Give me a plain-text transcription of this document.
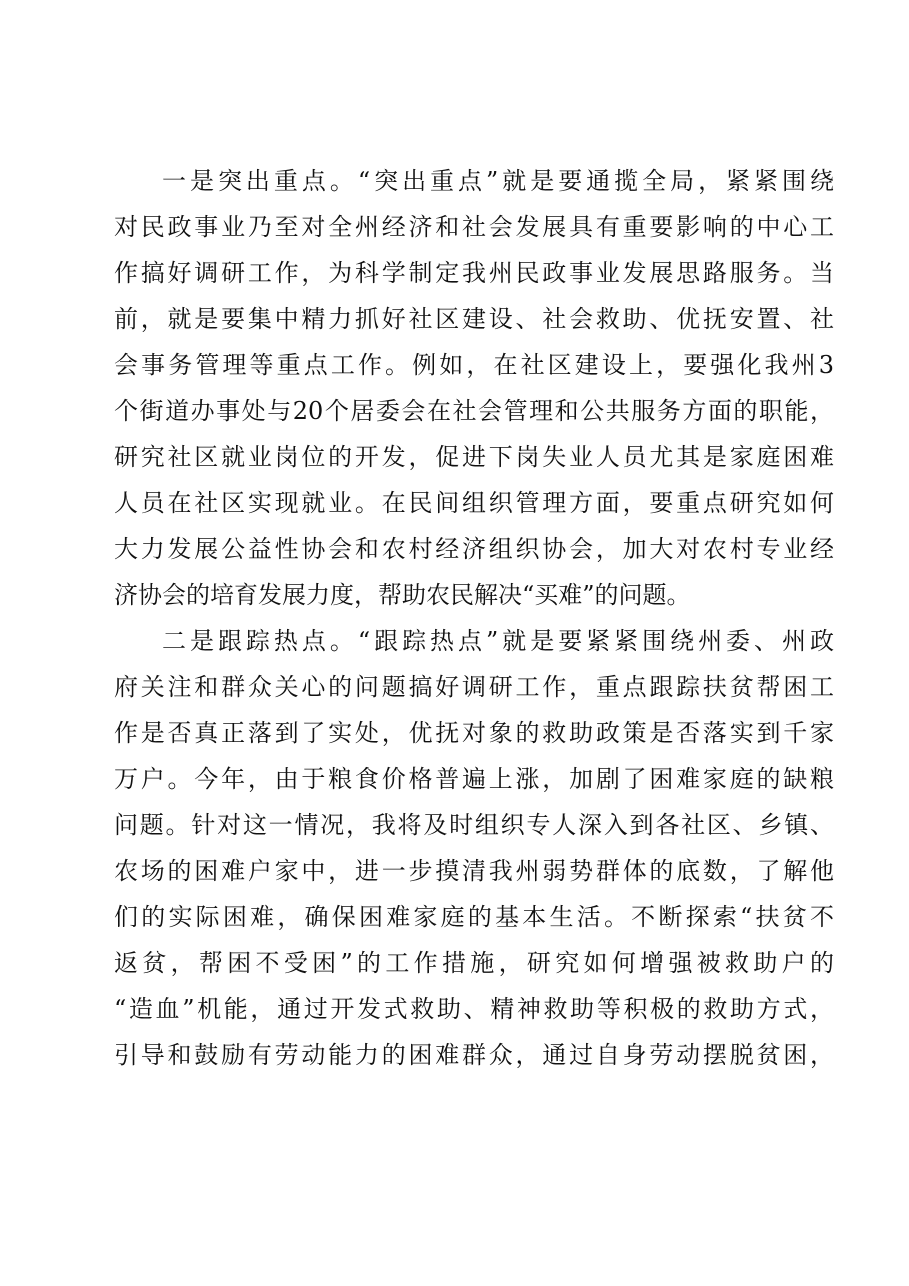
一是突出重点。“突出重点”就是要通揽全局，紧紧围绕
对民政事业乃至对全州经济和社会发展具有重要影响的中心工
作搞好调研工作，为科学制定我州民政事业发展思路服务。当
前，就是要集中精力抓好社区建设、社会救助、优抚安置、社
会事务管理等重点工作。例如，在社区建设上，要强化我州3
个街道办事处与20个居委会在社会管理和公共服务方面的职能，
研究社区就业岗位的开发，促进下岗失业人员尤其是家庭困难
人员在社区实现就业。在民间组织管理方面，要重点研究如何
大力发展公益性协会和农村经济组织协会，加大对农村专业经
济协会的培育发展力度，帮助农民解决“买难”的问题。
二是跟踪热点。“跟踪热点”就是要紧紧围绕州委、州政
府关注和群众关心的问题搞好调研工作，重点跟踪扶贫帮困工
作是否真正落到了实处，优抚对象的救助政策是否落实到千家
万户。今年，由于粮食价格普遍上涨，加剧了困难家庭的缺粮
问题。针对这一情况，我将及时组织专人深入到各社区、乡镇、
农场的困难户家中，进一步摸清我州弱势群体的底数，了解他
们的实际困难，确保困难家庭的基本生活。不断探索“扶贫不
返贫，帮困不受困”的工作措施，研究如何增强被救助户的
“造血”机能，通过开发式救助、精神救助等积极的救助方式，
引导和鼓励有劳动能力的困难群众，通过自身劳动摆脱贫困，
